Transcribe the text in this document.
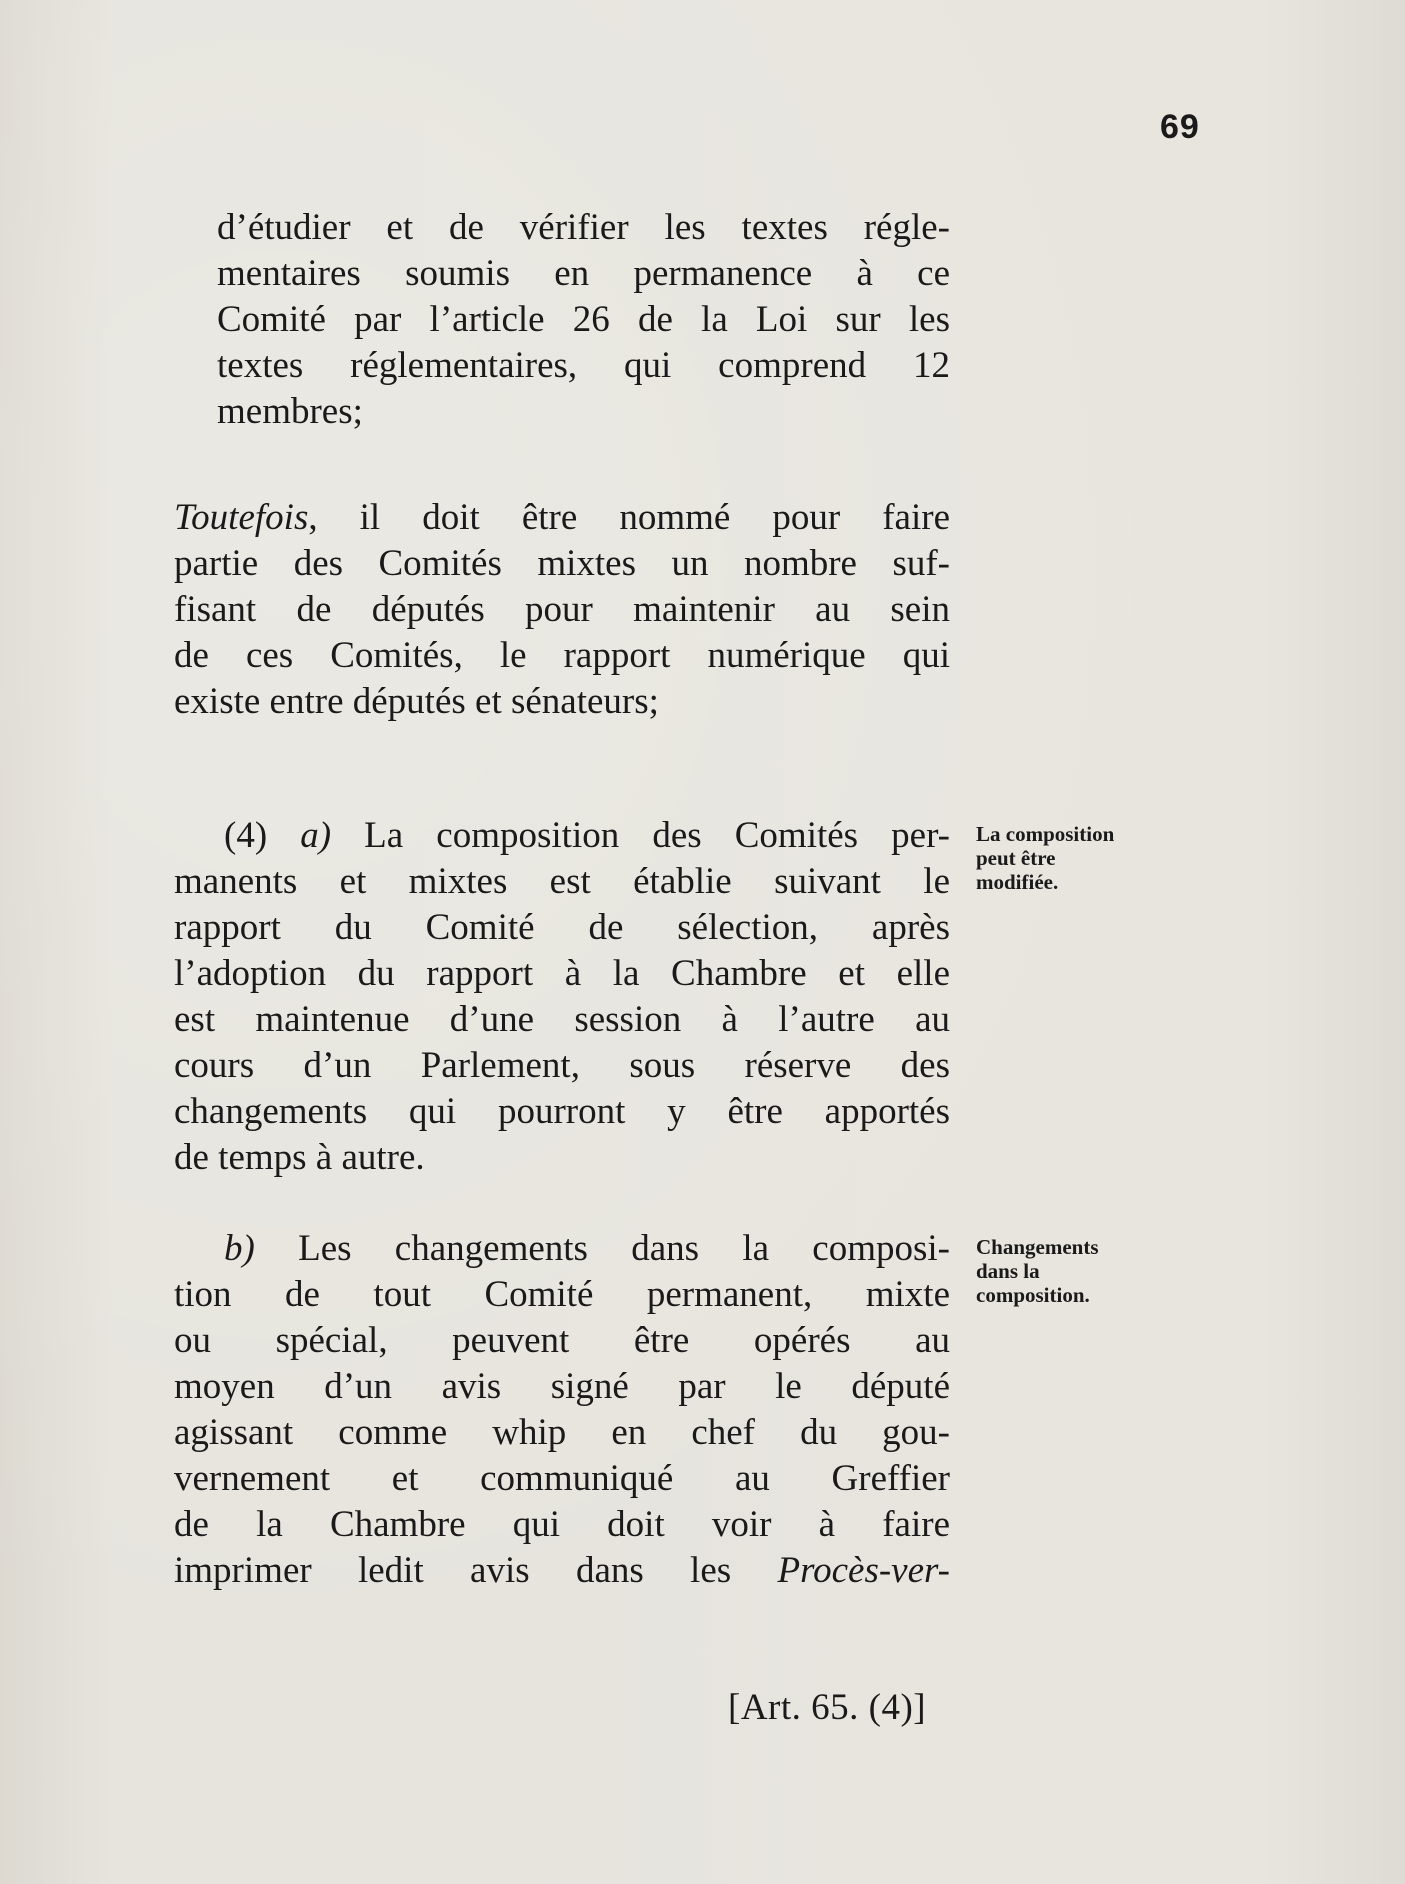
69
d’étudier et de vérifier les textes régle-
mentaires soumis en permanence à ce
Comité par l’article 26 de la Loi sur les
textes réglementaires, qui comprend 12
membres;
Toutefois, il doit être nommé pour faire
partie des Comités mixtes un nombre suf-
fisant de députés pour maintenir au sein
de ces Comités, le rapport numérique qui
existe entre députés et sénateurs;
(4) a) La composition des Comités per-
manents et mixtes est établie suivant le
rapport du Comité de sélection, après
l’adoption du rapport à la Chambre et elle
est maintenue d’une session à l’autre au
cours d’un Parlement, sous réserve des
changements qui pourront y être apportés
de temps à autre.
b) Les changements dans la composi-
tion de tout Comité permanent, mixte
ou spécial, peuvent être opérés au
moyen d’un avis signé par le député
agissant comme whip en chef du gou-
vernement et communiqué au Greffier
de la Chambre qui doit voir à faire
imprimer ledit avis dans les Procès-ver-
La composition
peut être
modifiée.
Changements
dans la
composition.
[Art. 65. (4)]
